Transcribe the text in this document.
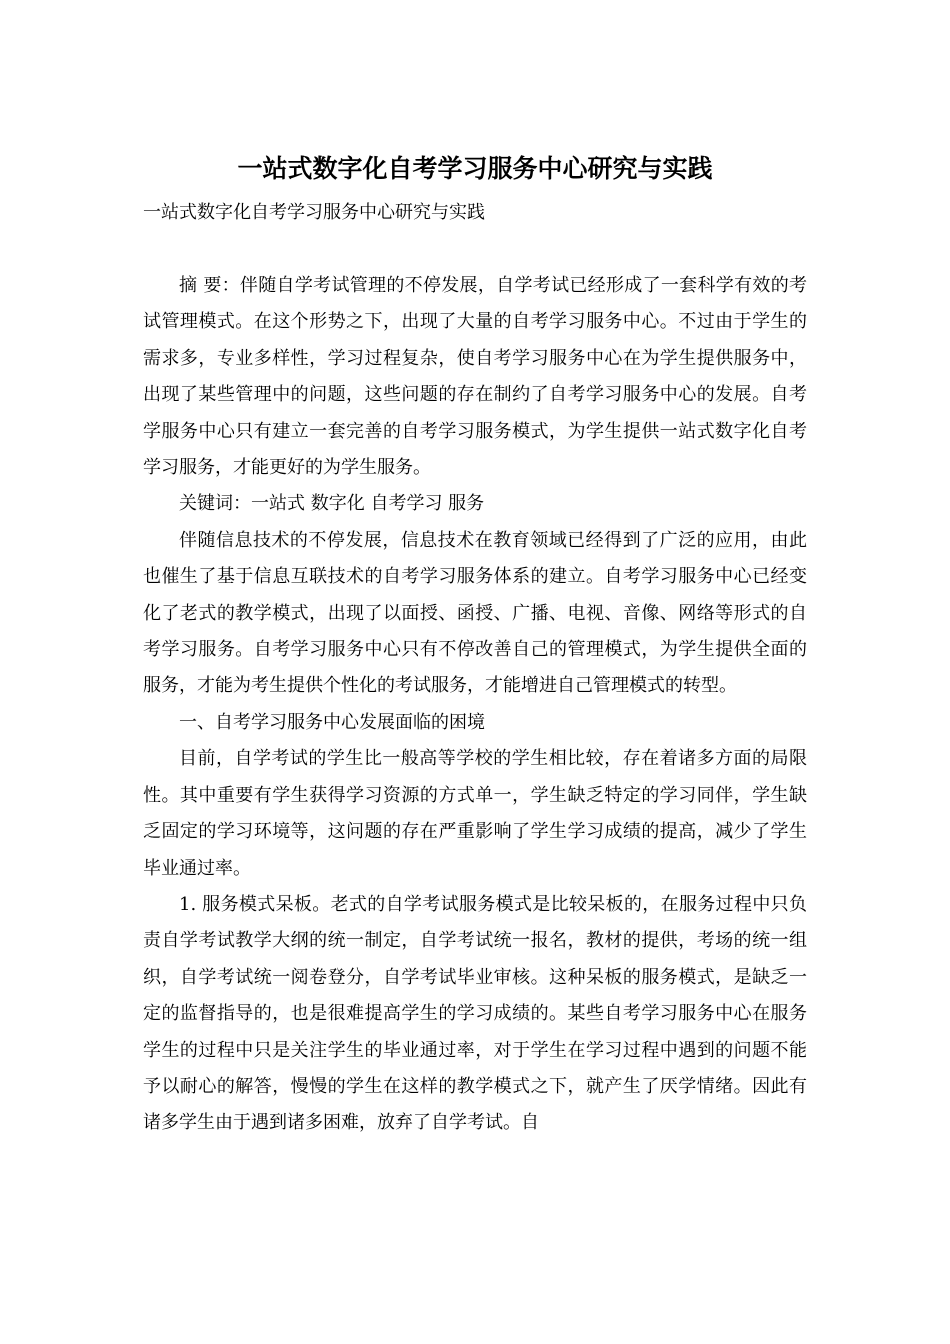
一站式数字化自考学习服务中心研究与实践

一站式数字化自考学习服务中心研究与实践

摘 要：伴随自学考试管理的不停发展，自学考试已经形成了一套科学有效的考试管理模式。在这个形势之下，出现了大量的自考学习服务中心。不过由于学生的需求多，专业多样性，学习过程复杂，使自考学习服务中心在为学生提供服务中，出现了某些管理中的问题，这些问题的存在制约了自考学习服务中心的发展。自考学服务中心只有建立一套完善的自考学习服务模式，为学生提供一站式数字化自考学习服务，才能更好的为学生服务。

关键词：一站式 数字化 自考学习 服务

伴随信息技术的不停发展，信息技术在教育领域已经得到了广泛的应用，由此也催生了基于信息互联技术的自考学习服务体系的建立。自考学习服务中心已经变化了老式的教学模式，出现了以面授、函授、广播、电视、音像、网络等形式的自考学习服务。自考学习服务中心只有不停改善自己的管理模式，为学生提供全面的服务，才能为考生提供个性化的考试服务，才能增进自己管理模式的转型。

一、自考学习服务中心发展面临的困境

目前，自学考试的学生比一般高等学校的学生相比较，存在着诸多方面的局限性。其中重要有学生获得学习资源的方式单一，学生缺乏特定的学习同伴，学生缺乏固定的学习环境等，这问题的存在严重影响了学生学习成绩的提高，减少了学生毕业通过率。

1. 服务模式呆板。老式的自学考试服务模式是比较呆板的，在服务过程中只负责自学考试教学大纲的统一制定，自学考试统一报名，教材的提供，考场的统一组织，自学考试统一阅卷登分，自学考试毕业审核。这种呆板的服务模式，是缺乏一定的监督指导的，也是很难提高学生的学习成绩的。某些自考学习服务中心在服务学生的过程中只是关注学生的毕业通过率，对于学生在学习过程中遇到的问题不能予以耐心的解答，慢慢的学生在这样的教学模式之下，就产生了厌学情绪。因此有诸多学生由于遇到诸多困难，放弃了自学考试。自
